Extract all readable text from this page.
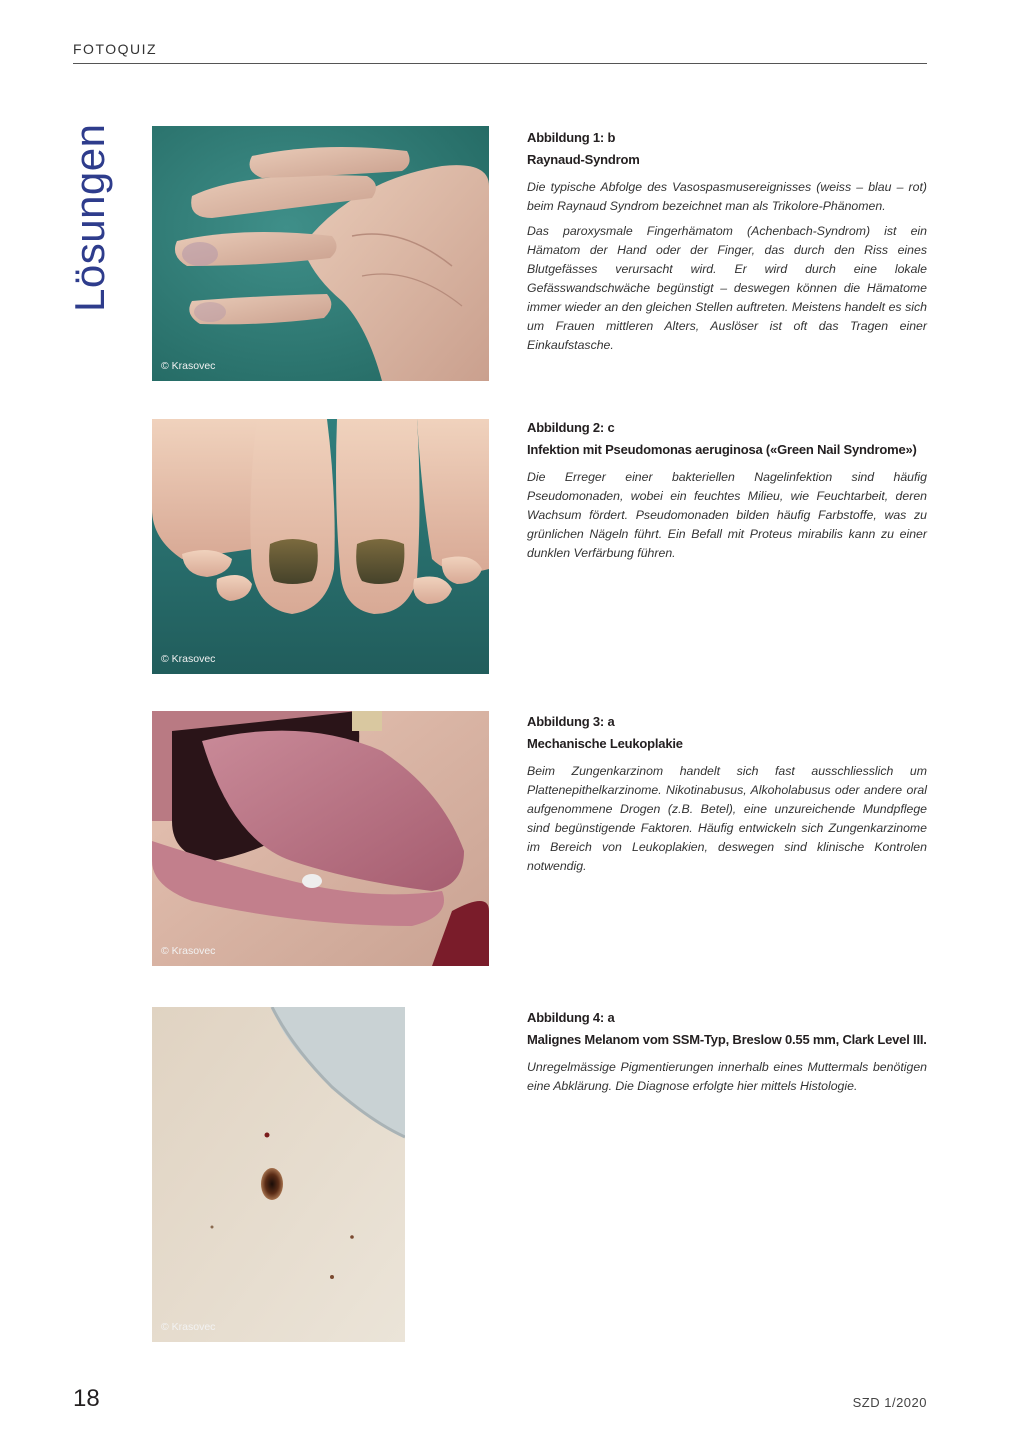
FOTOQUIZ
Lösungen
© Krasovec
Abbildung 1: b
Raynaud-Syndrom

Die typische Abfolge des Vasospasmusereignisses (weiss – blau – rot) beim Raynaud Syndrom bezeichnet man als Trikolore-Phänomen.

Das paroxysmale Fingerhämatom (Achenbach-Syndrom) ist ein Hämatom der Hand oder der Finger, das durch den Riss eines Blutgefässes verursacht wird. Er wird durch eine lokale Gefässwandschwäche begünstigt – deswegen können die Hämatome immer wieder an den gleichen Stellen auftreten. Meistens handelt es sich um Frauen mittleren Alters, Auslöser ist oft das Tragen einer Einkaufstasche.

© Krasovec
Abbildung 2: c
Infektion mit Pseudomonas aeruginosa («Green Nail Syndrome»)

Die Erreger einer bakteriellen Nagelinfektion sind häufig Pseudomonaden, wobei ein feuchtes Milieu, wie Feuchtarbeit, deren Wachsum fördert. Pseudomonaden bilden häufig Farbstoffe, was zu grünlichen Nägeln führt. Ein Befall mit Proteus mirabilis kann zu einer dunklen Verfärbung führen.

© Krasovec
Abbildung 3: a
Mechanische Leukoplakie

Beim Zungenkarzinom handelt sich fast ausschliesslich um Plattenepithelkarzinome. Nikotinabusus, Alkoholabusus oder andere oral aufgenommene Drogen (z.B. Betel), eine unzureichende Mundpflege sind begünstigende Faktoren. Häufig entwickeln sich Zungenkarzinome im Bereich von Leukoplakien, deswegen sind klinische Kontrolen notwendig.

© Krasovec
Abbildung 4: a
Malignes Melanom vom SSM-Typ, Breslow 0.55 mm, Clark Level III.

Unregelmässige Pigmentierungen innerhalb eines Muttermals benötigen eine Abklärung. Die Diagnose erfolgte hier mittels Histologie.

18	SZD 1/2020
